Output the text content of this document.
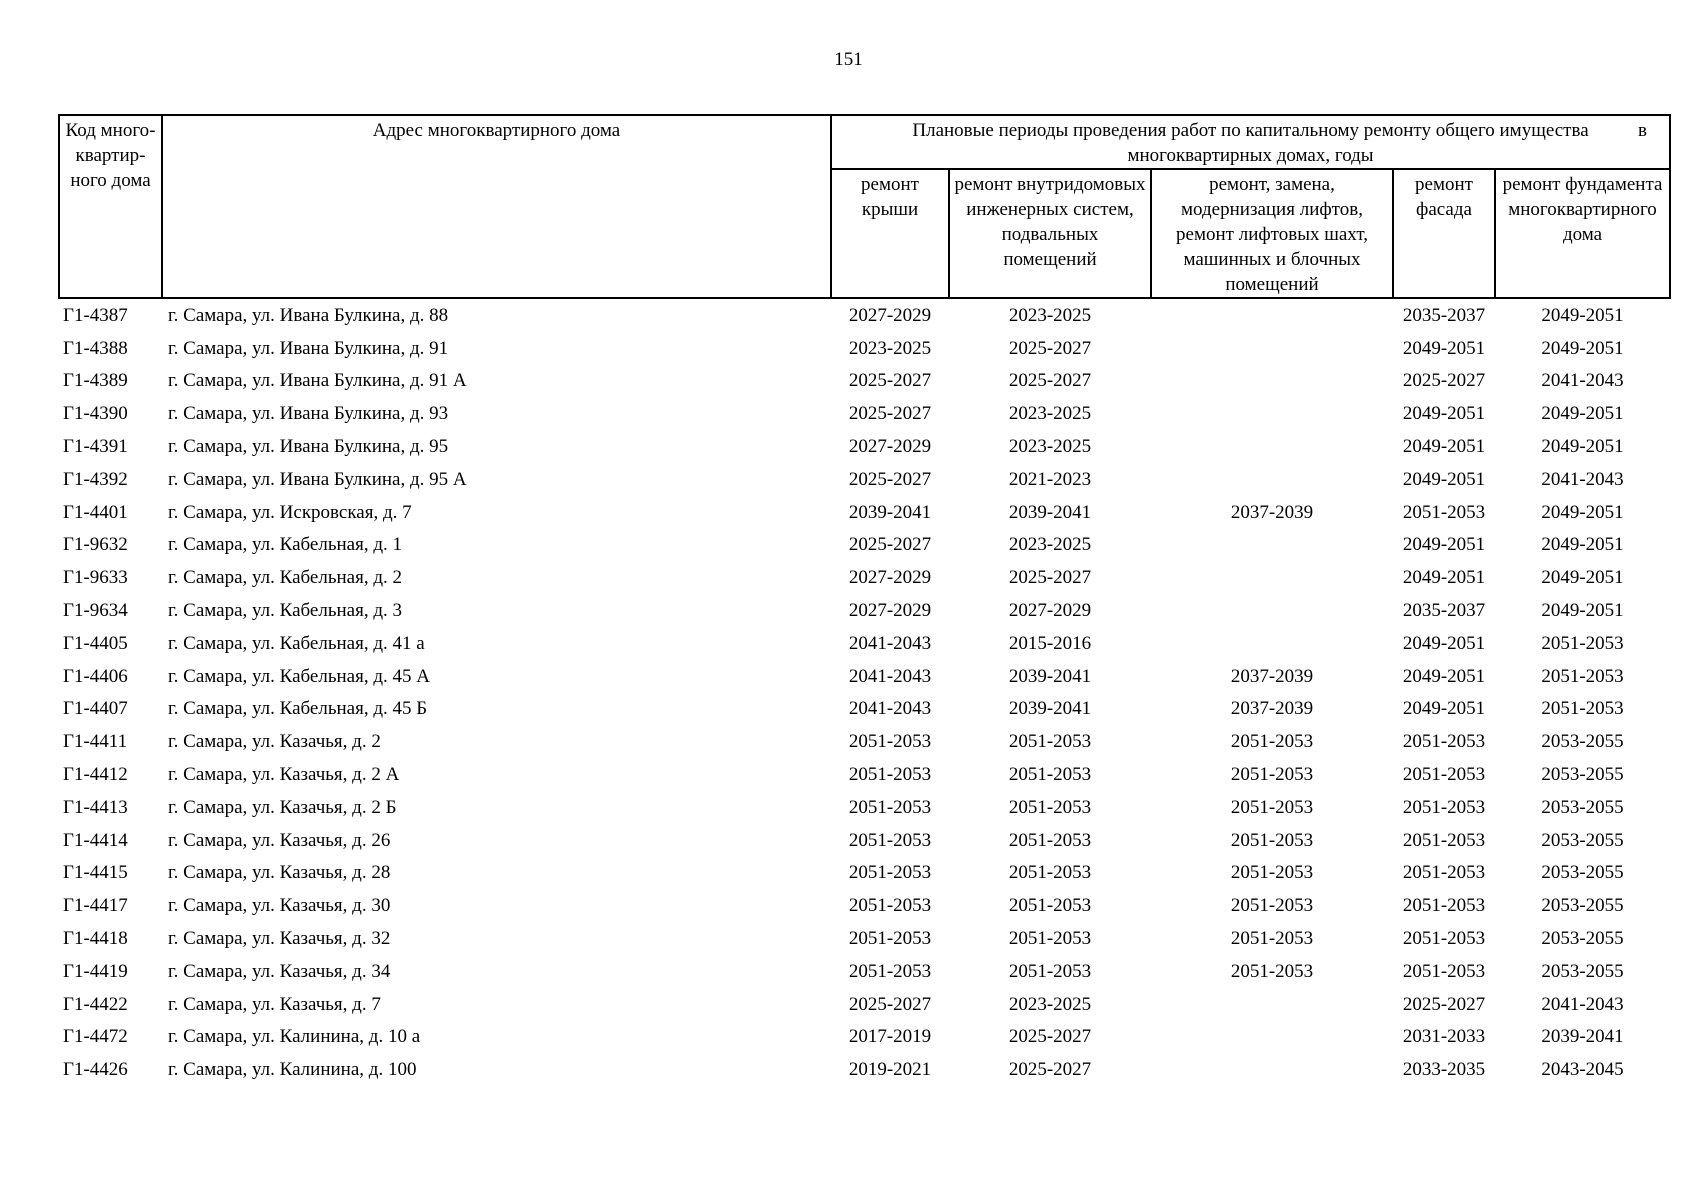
151
Код много-квартир-ного дома	Адрес многоквартирного дома	Плановые периоды проведения работ по капитальному ремонту общего имущества в

многоквартирных домах, годы				
		ремонт крыши	ремонт внутридомовых инженерных систем, подвальных помещений	ремонт, замена, модернизация лифтов, ремонт лифтовых шахт, машинных и блочных помещений	ремонт фасада	ремонт фундамента многоквартирного дома
Г1-4387	г. Самара, ул. Ивана Булкина, д. 88	2027-2029	2023-2025		2035-2037	2049-2051
Г1-4388	г. Самара, ул. Ивана Булкина, д. 91	2023-2025	2025-2027		2049-2051	2049-2051
Г1-4389	г. Самара, ул. Ивана Булкина, д. 91 А	2025-2027	2025-2027		2025-2027	2041-2043
Г1-4390	г. Самара, ул. Ивана Булкина, д. 93	2025-2027	2023-2025		2049-2051	2049-2051
Г1-4391	г. Самара, ул. Ивана Булкина, д. 95	2027-2029	2023-2025		2049-2051	2049-2051
Г1-4392	г. Самара, ул. Ивана Булкина, д. 95 А	2025-2027	2021-2023		2049-2051	2041-2043
Г1-4401	г. Самара, ул. Искровская, д. 7	2039-2041	2039-2041	2037-2039	2051-2053	2049-2051
Г1-9632	г. Самара, ул. Кабельная, д. 1	2025-2027	2023-2025		2049-2051	2049-2051
Г1-9633	г. Самара, ул. Кабельная, д. 2	2027-2029	2025-2027		2049-2051	2049-2051
Г1-9634	г. Самара, ул. Кабельная, д. 3	2027-2029	2027-2029		2035-2037	2049-2051
Г1-4405	г. Самара, ул. Кабельная, д. 41 а	2041-2043	2015-2016		2049-2051	2051-2053
Г1-4406	г. Самара, ул. Кабельная, д. 45 А	2041-2043	2039-2041	2037-2039	2049-2051	2051-2053
Г1-4407	г. Самара, ул. Кабельная, д. 45 Б	2041-2043	2039-2041	2037-2039	2049-2051	2051-2053
Г1-4411	г. Самара, ул. Казачья, д. 2	2051-2053	2051-2053	2051-2053	2051-2053	2053-2055
Г1-4412	г. Самара, ул. Казачья, д. 2 А	2051-2053	2051-2053	2051-2053	2051-2053	2053-2055
Г1-4413	г. Самара, ул. Казачья, д. 2 Б	2051-2053	2051-2053	2051-2053	2051-2053	2053-2055
Г1-4414	г. Самара, ул. Казачья, д. 26	2051-2053	2051-2053	2051-2053	2051-2053	2053-2055
Г1-4415	г. Самара, ул. Казачья, д. 28	2051-2053	2051-2053	2051-2053	2051-2053	2053-2055
Г1-4417	г. Самара, ул. Казачья, д. 30	2051-2053	2051-2053	2051-2053	2051-2053	2053-2055
Г1-4418	г. Самара, ул. Казачья, д. 32	2051-2053	2051-2053	2051-2053	2051-2053	2053-2055
Г1-4419	г. Самара, ул. Казачья, д. 34	2051-2053	2051-2053	2051-2053	2051-2053	2053-2055
Г1-4422	г. Самара, ул. Казачья, д. 7	2025-2027	2023-2025		2025-2027	2041-2043
Г1-4472	г. Самара, ул. Калинина, д. 10 а	2017-2019	2025-2027		2031-2033	2039-2041
Г1-4426	г. Самара, ул. Калинина, д. 100	2019-2021	2025-2027		2033-2035	2043-2045
